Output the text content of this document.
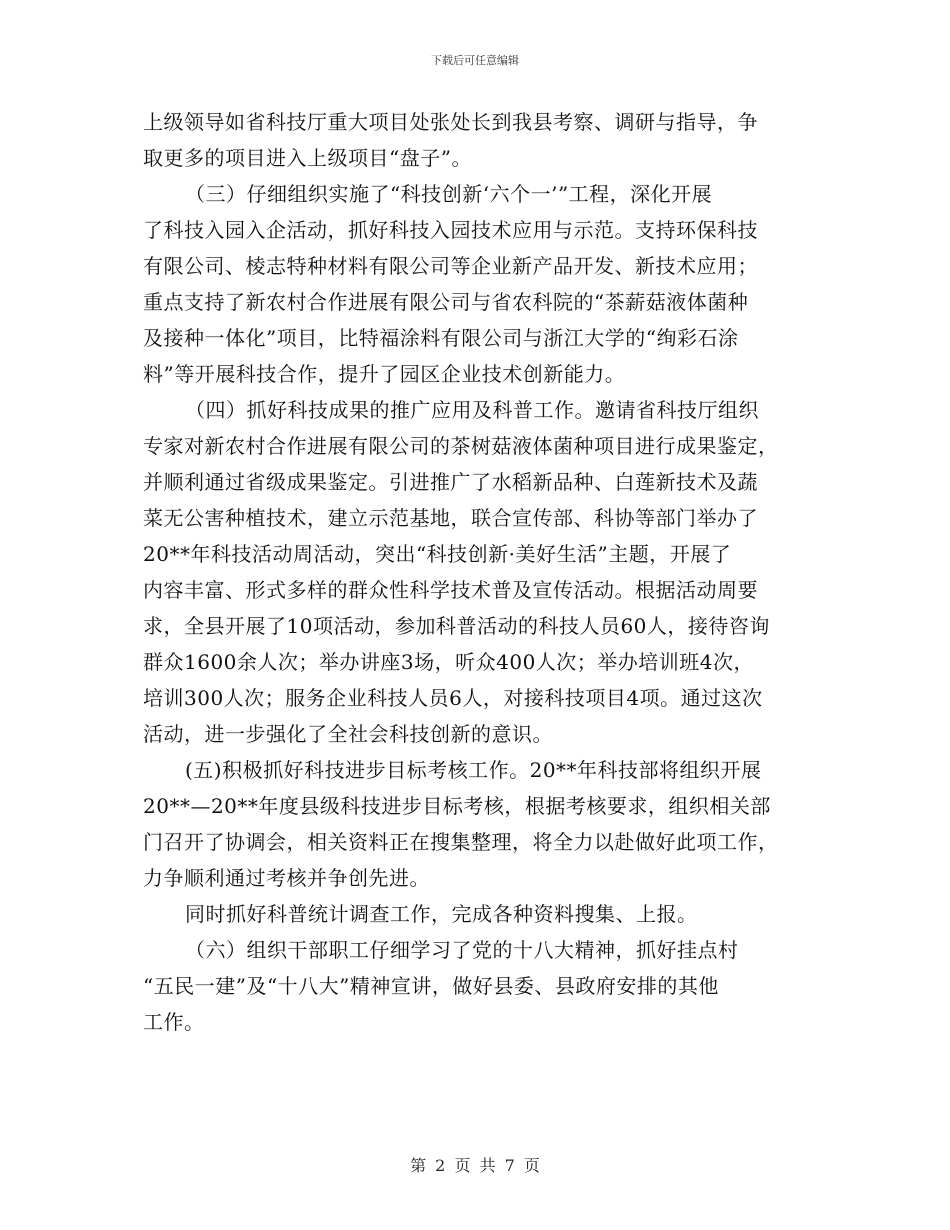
下载后可任意编辑
上级领导如省科技厅重大项目处张处长到我县考察、调研与指导，争
取更多的项目进入上级项目“盘子”。
（三）仔细组织实施了“科技创新‘六个一’”工程，深化开展
了科技入园入企活动，抓好科技入园技术应用与示范。支持环保科技
有限公司、棱志特种材料有限公司等企业新产品开发、新技术应用；
重点支持了新农村合作进展有限公司与省农科院的“茶薪菇液体菌种
及接种一体化”项目，比特福涂料有限公司与浙江大学的“绚彩石涂
料”等开展科技合作，提升了园区企业技术创新能力。
（四）抓好科技成果的推广应用及科普工作。邀请省科技厅组织
专家对新农村合作进展有限公司的茶树菇液体菌种项目进行成果鉴定，
并顺利通过省级成果鉴定。引进推广了水稻新品种、白莲新技术及蔬
菜无公害种植技术，建立示范基地，联合宣传部、科协等部门举办了
20**年科技活动周活动，突出“科技创新·美好生活”主题，开展了
内容丰富、形式多样的群众性科学技术普及宣传活动。根据活动周要
求，全县开展了10项活动，参加科普活动的科技人员60人，接待咨询
群众1600余人次；举办讲座3场，听众400人次；举办培训班4次，
培训300人次；服务企业科技人员6人，对接科技项目4项。通过这次
活动，进一步强化了全社会科技创新的意识。
(五)积极抓好科技进步目标考核工作。20**年科技部将组织开展
20**—20**年度县级科技进步目标考核，根据考核要求，组织相关部
门召开了协调会，相关资料正在搜集整理，将全力以赴做好此项工作，
力争顺利通过考核并争创先进。
同时抓好科普统计调查工作，完成各种资料搜集、上报。
（六）组织干部职工仔细学习了党的十八大精神，抓好挂点村
“五民一建”及“十八大”精神宣讲，做好县委、县政府安排的其他
工作。
第 2 页 共 7 页
